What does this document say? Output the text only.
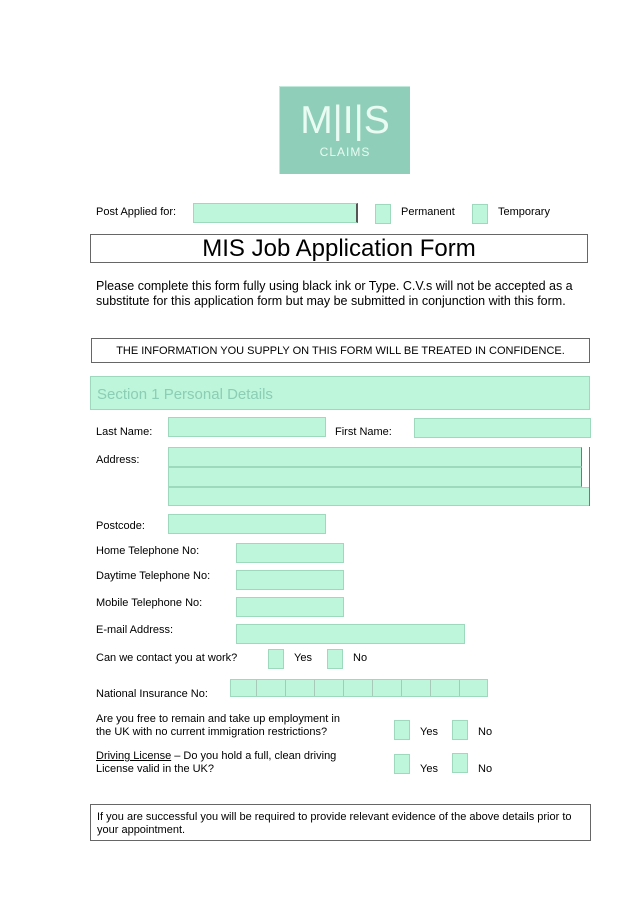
M|I|S
CLAIMS
Post Applied for:	Permanent	Temporary
MIS Job Application Form
Please complete this form fully using black ink or Type. C.V.s will not be accepted as a substitute for this application form but may be submitted in conjunction with this form.
THE INFORMATION YOU SUPPLY ON THIS FORM WILL BE TREATED IN CONFIDENCE.
Section 1 Personal Details
Last Name:	First Name:
Address:
Postcode:
Home Telephone No:
Daytime Telephone No:
Mobile Telephone No:
E-mail Address:
Can we contact you at work?	Yes	No
National Insurance No:
Are you free to remain and take up employment in
the UK with no current immigration restrictions?	Yes	No
Driving License – Do you hold a full, clean driving
License valid in the UK?	Yes	No
If you are successful you will be required to provide relevant evidence of the above details prior to your appointment.
